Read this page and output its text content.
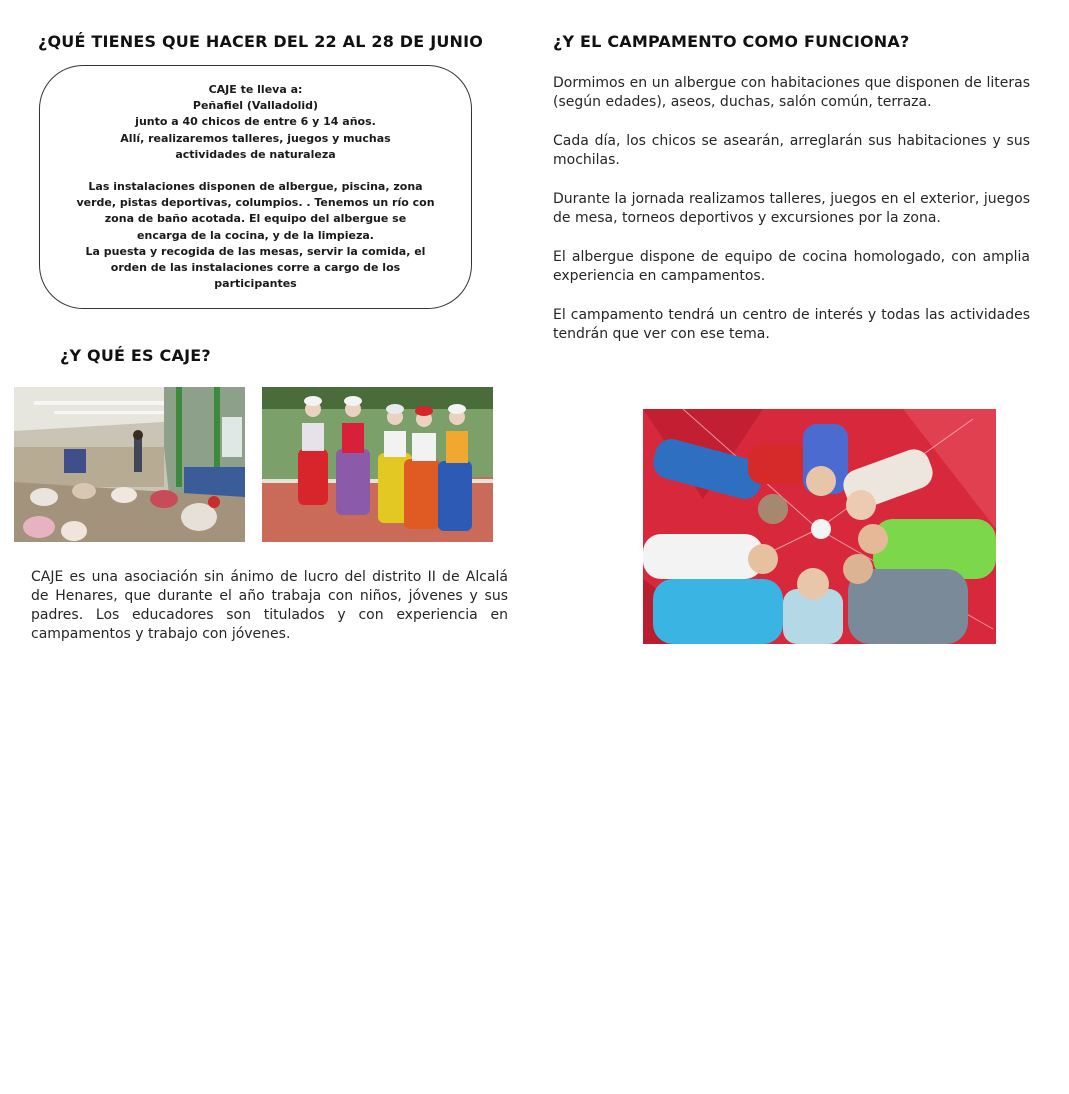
¿QUÉ TIENES QUE HACER DEL 22 AL 28 DE JUNIO	¿Y EL CAMPAMENTO COMO FUNCIONA?

CAJE te lleva a:

Peñafiel (Valladolid)

junto a 40 chicos de entre 6 y 14 años.

Allí, realizaremos talleres, juegos y muchas

actividades de naturaleza

Las instalaciones disponen de albergue, piscina, zona

verde, pistas deportivas, columpios. . Tenemos un río con

zona de baño acotada. El equipo del albergue se

encarga de la cocina, y de la limpieza.

La puesta y recogida de las mesas, servir la comida, el

orden de las instalaciones corre a cargo de los

participantes

Dormimos en un albergue con habitaciones que disponen de literas (según edades), aseos, duchas, salón común, terraza.

Cada día, los chicos se asearán, arreglarán sus habitaciones y sus mochilas.

Durante la jornada realizamos talleres, juegos en el exterior, juegos de mesa, torneos deportivos y excursiones por la zona.

El albergue dispone de equipo de cocina homologado, con amplia experiencia en campamentos.

El campamento tendrá un centro de interés y todas las actividades tendrán que ver con ese tema.

¿Y QUÉ ES CAJE?

CAJE es una asociación sin ánimo de lucro del distrito II de Alcalá de Henares, que durante el año trabaja con niños, jóvenes y sus padres. Los educadores son titulados y con experiencia en campamentos y trabajo con jóvenes.
